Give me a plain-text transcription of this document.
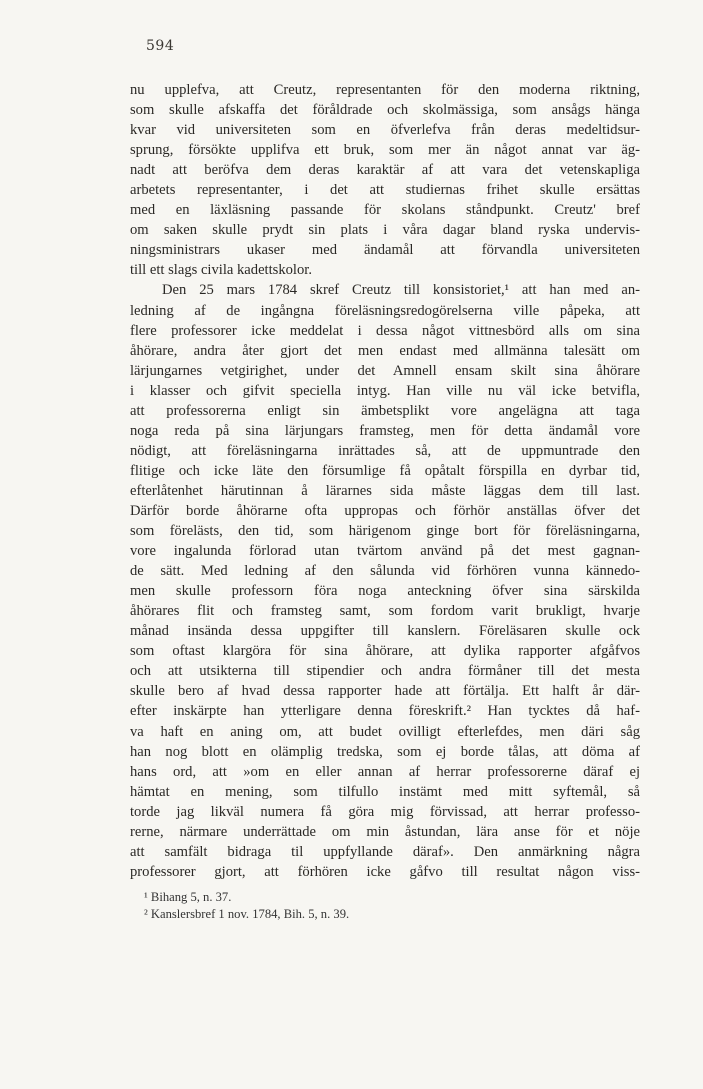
594
nu upplefva, att Creutz, representanten för den moderna riktning,
som skulle afskaffa det föråldrade och skolmässiga, som ansågs hänga
kvar vid universiteten som en öfverlefva från deras medeltidsur-
sprung, försökte upplifva ett bruk, som mer än något annat var äg-
nadt att beröfva dem deras karaktär af att vara det vetenskapliga
arbetets representanter, i det att studiernas frihet skulle ersättas
med en läxläsning passande för skolans ståndpunkt. Creutz' bref
om saken skulle prydt sin plats i våra dagar bland ryska undervis-
ningsministrars ukaser med ändamål att förvandla universiteten
till ett slags civila kadettskolor.
Den 25 mars 1784 skref Creutz till konsistoriet,¹ att han med an-
ledning af de ingångna föreläsningsredogörelserna ville påpeka, att
flere professorer icke meddelat i dessa något vittnesbörd alls om sina
åhörare, andra åter gjort det men endast med allmänna talesätt om
lärjungarnes vetgirighet, under det Amnell ensam skilt sina åhörare
i klasser och gifvit speciella intyg. Han ville nu väl icke betvifla,
att professorerna enligt sin ämbetsplikt vore angelägna att taga
noga reda på sina lärjungars framsteg, men för detta ändamål vore
nödigt, att föreläsningarna inrättades så, att de uppmuntrade den
flitige och icke läte den försumlige få opåtalt förspilla en dyrbar tid,
efterlåtenhet härutinnan å lärarnes sida måste läggas dem till last.
Därför borde åhörarne ofta uppropas och förhör anställas öfver det
som förelästs, den tid, som härigenom ginge bort för föreläsningarna,
vore ingalunda förlorad utan tvärtom använd på det mest gagnan-
de sätt. Med ledning af den sålunda vid förhören vunna kännedo-
men skulle professorn föra noga anteckning öfver sina särskilda
åhörares flit och framsteg samt, som fordom varit brukligt, hvarje
månad insända dessa uppgifter till kanslern. Föreläsaren skulle ock
som oftast klargöra för sina åhörare, att dylika rapporter afgåfvos
och att utsikterna till stipendier och andra förmåner till det mesta
skulle bero af hvad dessa rapporter hade att förtälja. Ett halft år där-
efter inskärpte han ytterligare denna föreskrift.² Han tycktes då haf-
va haft en aning om, att budet ovilligt efterlefdes, men däri såg
han nog blott en olämplig tredska, som ej borde tålas, att döma af
hans ord, att »om en eller annan af herrar professorerne däraf ej
hämtat en mening, som tilfullo instämt med mitt syftemål, så
torde jag likväl numera få göra mig förvissad, att herrar professo-
rerne, närmare underrättade om min åstundan, lära anse för et nöje
att samfält bidraga til uppfyllande däraf». Den anmärkning några
professorer gjort, att förhören icke gåfvo till resultat någon viss-
¹ Bihang 5, n. 37.
² Kanslersbref 1 nov. 1784, Bih. 5, n. 39.
